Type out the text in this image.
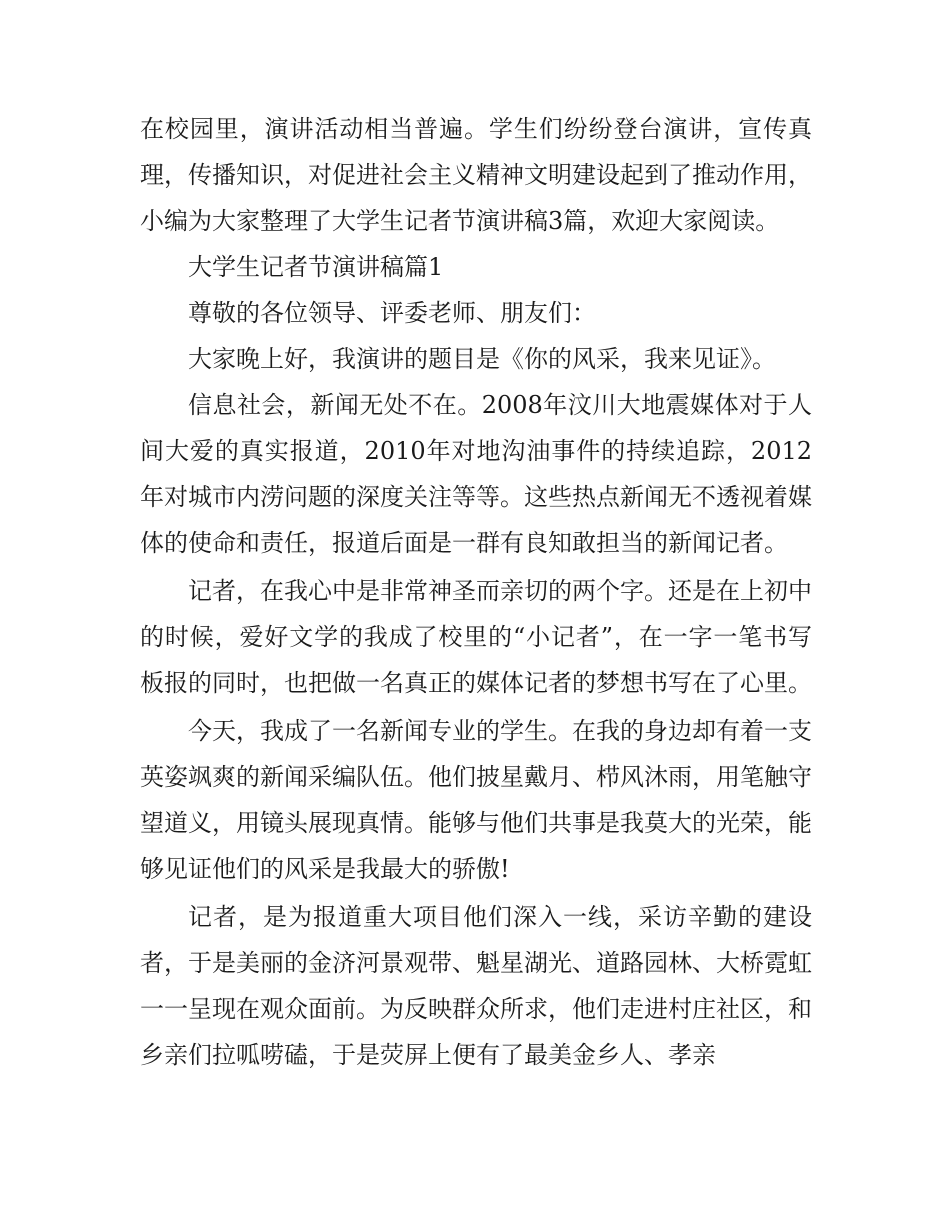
在校园里，演讲活动相当普遍。学生们纷纷登台演讲，宣传真理，传播知识，对促进社会主义精神文明建设起到了推动作用，小编为大家整理了大学生记者节演讲稿3篇，欢迎大家阅读。

大学生记者节演讲稿篇1

尊敬的各位领导、评委老师、朋友们：

大家晚上好，我演讲的题目是《你的风采，我来见证》。

信息社会，新闻无处不在。2008年汶川大地震媒体对于人间大爱的真实报道，2010年对地沟油事件的持续追踪，2012年对城市内涝问题的深度关注等等。这些热点新闻无不透视着媒体的使命和责任，报道后面是一群有良知敢担当的新闻记者。

记者，在我心中是非常神圣而亲切的两个字。还是在上初中的时候，爱好文学的我成了校里的“小记者”，在一字一笔书写板报的同时，也把做一名真正的媒体记者的梦想书写在了心里。

今天，我成了一名新闻专业的学生。在我的身边却有着一支英姿飒爽的新闻采编队伍。他们披星戴月、栉风沐雨，用笔触守望道义，用镜头展现真情。能够与他们共事是我莫大的光荣，能够见证他们的风采是我最大的骄傲!

记者，是为报道重大项目他们深入一线，采访辛勤的建设者，于是美丽的金济河景观带、魁星湖光、道路园林、大桥霓虹一一呈现在观众面前。为反映群众所求，他们走进村庄社区，和乡亲们拉呱唠磕，于是荧屏上便有了最美金乡人、孝亲
